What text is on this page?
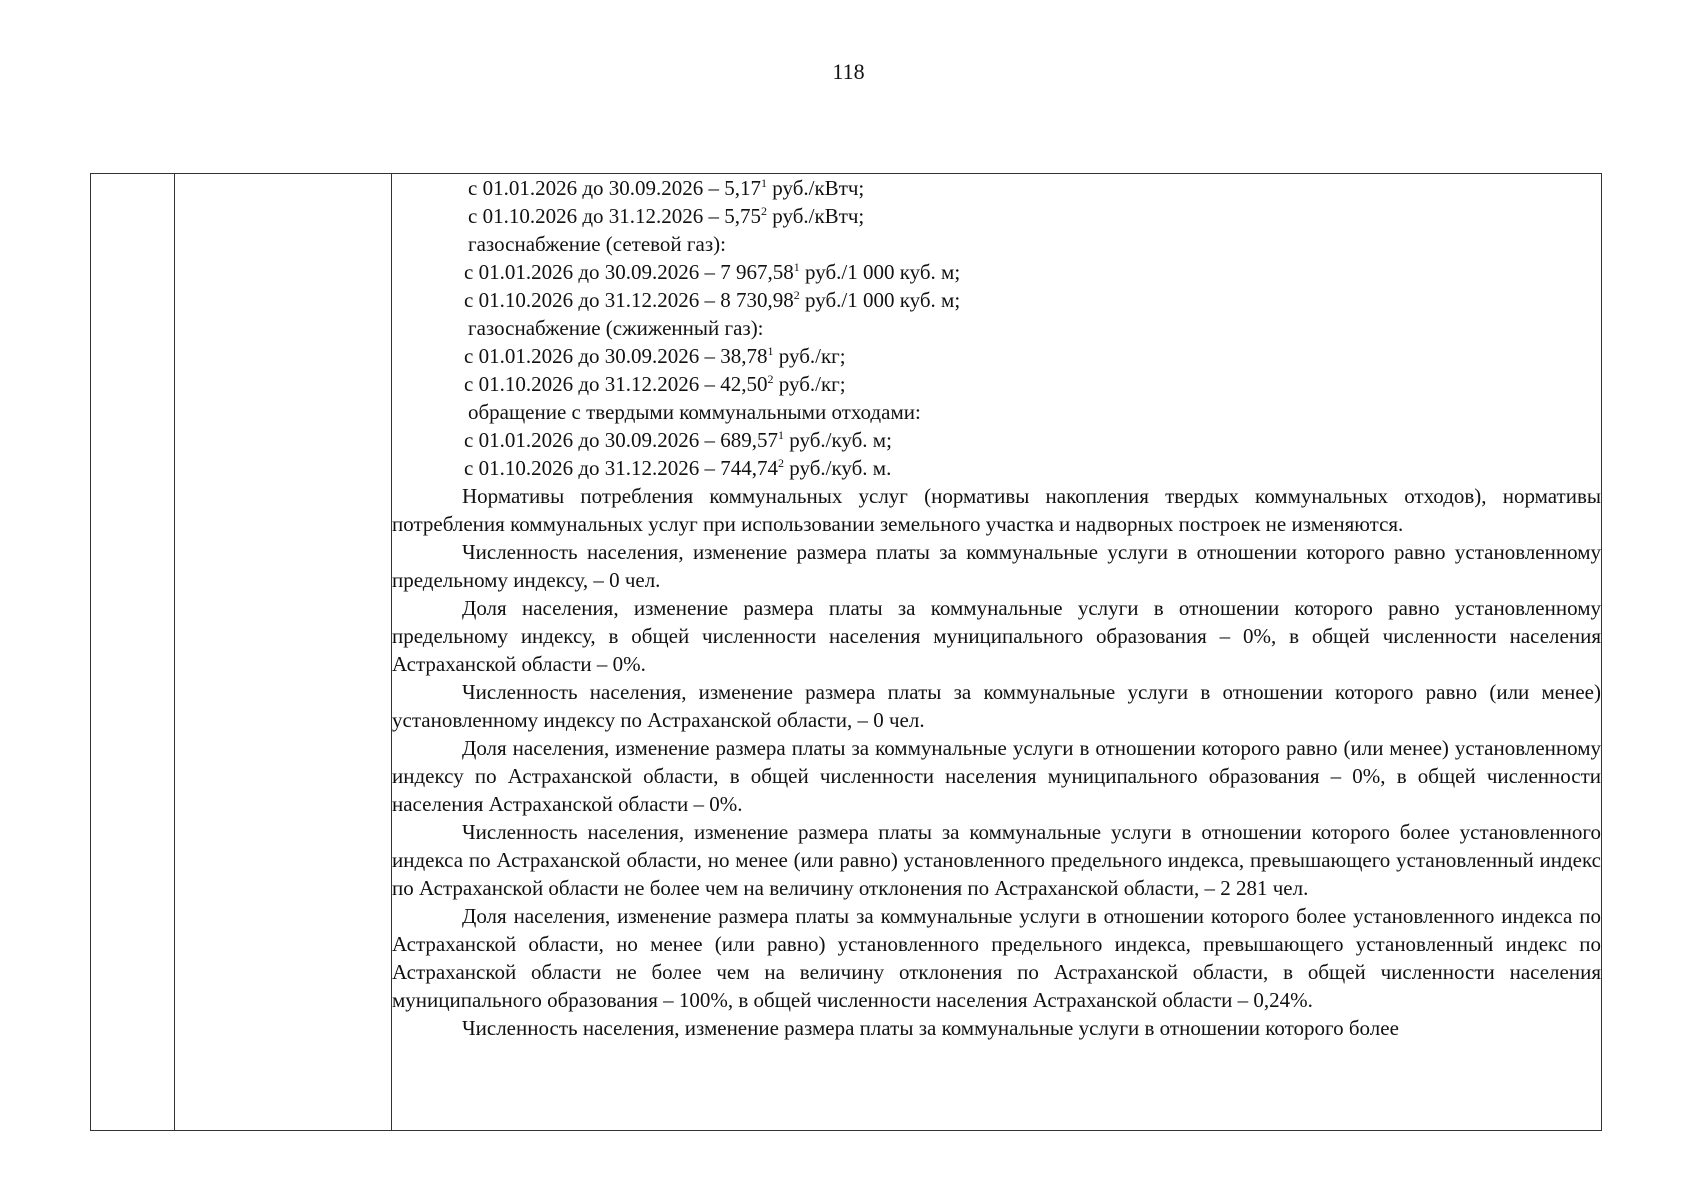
118

с 01.01.2026 до 30.09.2026 – 5,17$^1$ руб./кВтч;

с 01.10.2026 до 31.12.2026 – 5,75$^2$ руб./кВтч;

газоснабжение (сетевой газ):

с 01.01.2026 до 30.09.2026 – 7 967,58$^1$ руб./1 000 куб. м;

с 01.10.2026 до 31.12.2026 – 8 730,98$^2$ руб./1 000 куб. м;

газоснабжение (сжиженный газ):

с 01.01.2026 до 30.09.2026 – 38,78$^1$ руб./кг;

с 01.10.2026 до 31.12.2026 – 42,50$^2$ руб./кг;

обращение с твердыми коммунальными отходами:

с 01.01.2026 до 30.09.2026 – 689,57$^1$ руб./куб. м;

с 01.10.2026 до 31.12.2026 – 744,74$^2$ руб./куб. м.

Нормативы потребления коммунальных услуг (нормативы накопления твердых коммунальных отходов), нормативы потребления коммунальных услуг при использовании земельного участка и надворных построек не изменяются.

Численность населения, изменение размера платы за коммунальные услуги в отношении которого равно установленному предельному индексу, – 0 чел.

Доля населения, изменение размера платы за коммунальные услуги в отношении которого равно установленному предельному индексу, в общей численности населения муниципального образования – 0%, в общей численности населения Астраханской области – 0%.

Численность населения, изменение размера платы за коммунальные услуги в отношении которого равно (или менее) установленному индексу по Астраханской области, – 0 чел.

Доля населения, изменение размера платы за коммунальные услуги в отношении которого равно (или менее) установленному индексу по Астраханской области, в общей численности населения муниципального образования – 0%, в общей численности населения Астраханской области – 0%.

Численность населения, изменение размера платы за коммунальные услуги в отношении которого более установленного индекса по Астраханской области, но менее (или равно) установленного предельного индекса, превышающего установленный индекс по Астраханской области не более чем на величину отклонения по Астраханской области, – 2 281 чел.

Доля населения, изменение размера платы за коммунальные услуги в отношении которого более установленного индекса по Астраханской области, но менее (или равно) установленного предельного индекса, превышающего установленный индекс по Астраханской области не более чем на величину отклонения по Астраханской области, в общей численности населения муниципального образования – 100%, в общей численности населения Астраханской области – 0,24%.

Численность населения, изменение размера платы за коммунальные услуги в отношении которого более
